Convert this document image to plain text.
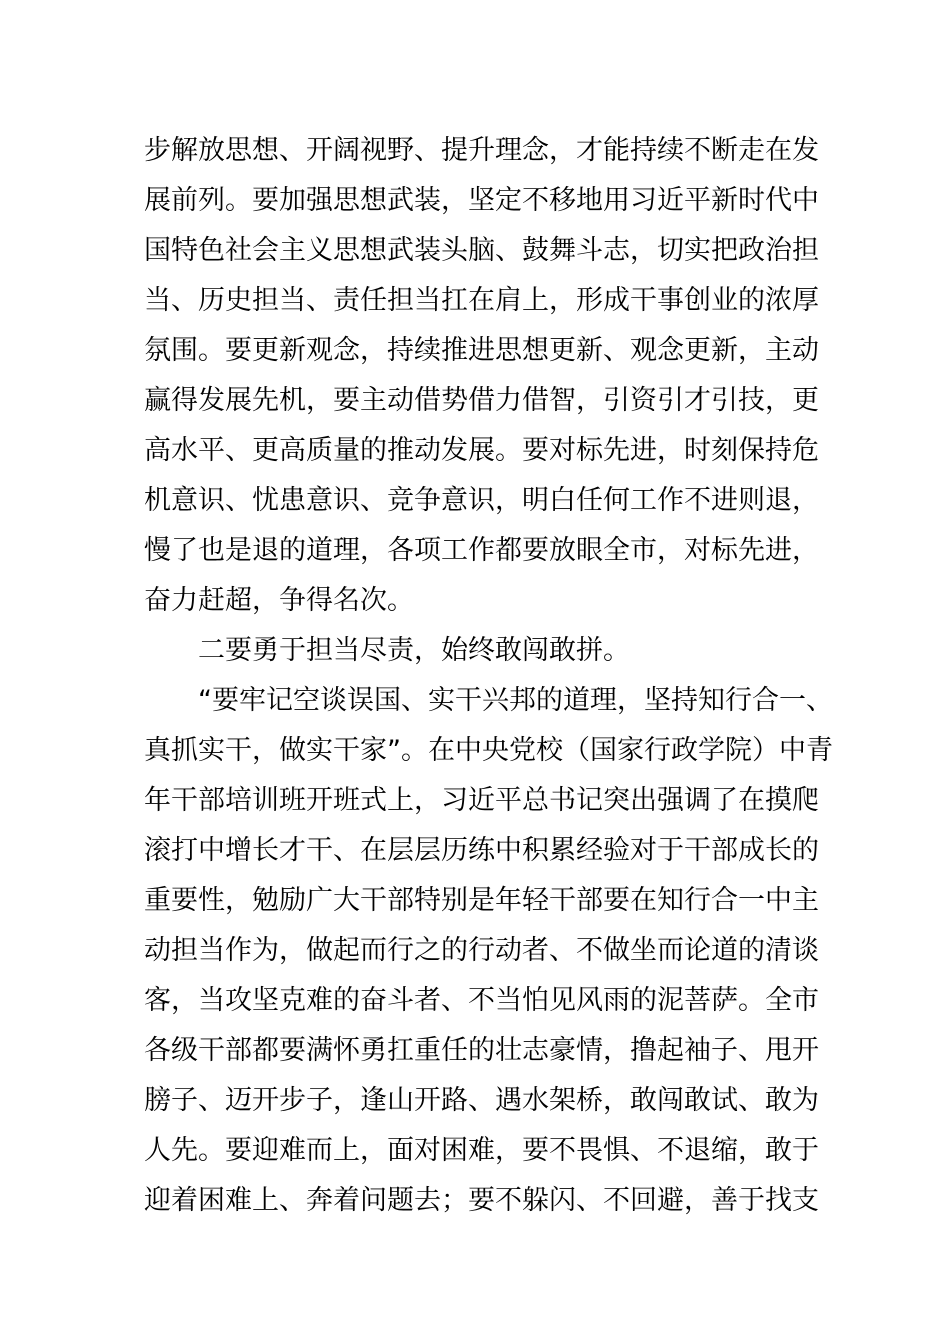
步解放思想、开阔视野、提升理念，才能持续不断走在发
展前列。要加强思想武装，坚定不移地用习近平新时代中
国特色社会主义思想武装头脑、鼓舞斗志，切实把政治担
当、历史担当、责任担当扛在肩上，形成干事创业的浓厚
氛围。要更新观念，持续推进思想更新、观念更新，主动
赢得发展先机，要主动借势借力借智，引资引才引技，更
高水平、更高质量的推动发展。要对标先进，时刻保持危
机意识、忧患意识、竞争意识，明白任何工作不进则退，
慢了也是退的道理，各项工作都要放眼全市，对标先进，
奋力赶超，争得名次。
二要勇于担当尽责，始终敢闯敢拼。
“要牢记空谈误国、实干兴邦的道理，坚持知行合一、
真抓实干，做实干家”。在中央党校（国家行政学院）中青
年干部培训班开班式上，习近平总书记突出强调了在摸爬
滚打中增长才干、在层层历练中积累经验对于干部成长的
重要性，勉励广大干部特别是年轻干部要在知行合一中主
动担当作为，做起而行之的行动者、不做坐而论道的清谈
客，当攻坚克难的奋斗者、不当怕见风雨的泥菩萨。全市
各级干部都要满怀勇扛重任的壮志豪情，撸起袖子、甩开
膀子、迈开步子，逢山开路、遇水架桥，敢闯敢试、敢为
人先。要迎难而上，面对困难，要不畏惧、不退缩，敢于
迎着困难上、奔着问题去；要不躲闪、不回避，善于找支
